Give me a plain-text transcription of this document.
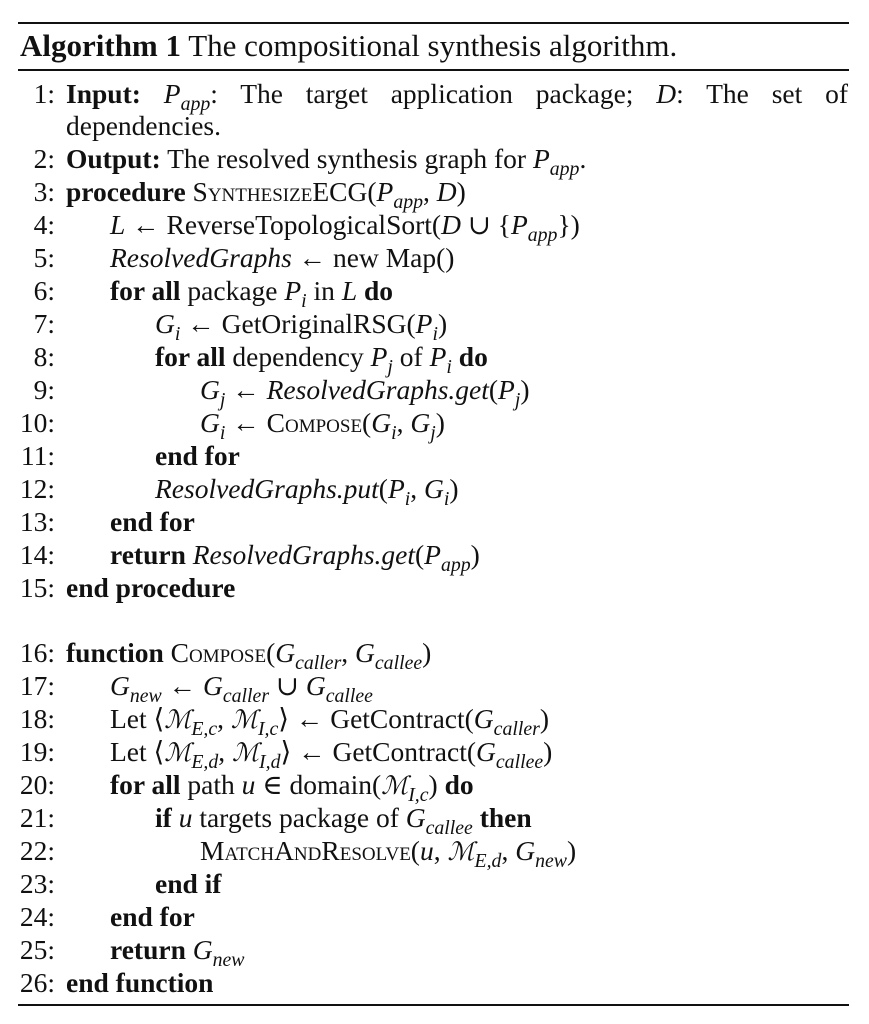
Algorithm 1 The compositional synthesis algorithm.
1: Input: $P_{app}$: The target application package; D: The set of
dependencies.
2: Output: The resolved synthesis graph for $P_{app}$.
3: procedure $SynthesizeECG(P_{app}$, D)
4: L ← ReverseTopologicalSort(D ∪ $\{P_{app}\}$)
5: ResolvedGraphs ← new Map()
6: for all package $P_i$ in L do
7:	$G_i$ ← $GetOriginalRSG(P_i)$
8:	for all dependency $P_j$ of $P_i$ do
9:	$G_j$ ← $ResolvedGraphs.get(P_j)$
10:	$G_i$ ← $Compose(G_i$, $G_j$)
11:	end for
12:	$ResolvedGraphs.put(P_i$, $G_i$)
13: end for
14: return $ResolvedGraphs.get(P_{app})$
15: end procedure
16: function $Compose(G_{caller}$, $G_{callee}$)
17: $G_{new}$ ← $G_{caller}$ ∪ $G_{callee}$
18: Let ⟨ℳ$_{E,c}$, ℳ$_{I,c}$⟩ ← $GetContract(G_{caller})$
19: Let ⟨ℳ$_{E,d}$, ℳ$_{I,d}$⟩ ← $GetContract(G_{callee})$
20: for all path u ∈ domain(ℳ$_{I,c}$) do
21:	if u targets package of $G_{callee}$ then
22:	MatchAndResolve(u, ℳ$_{E,d}$, $G_{new}$)
23:	end if
24: end for
25: return $G_{new}$
26: end function
